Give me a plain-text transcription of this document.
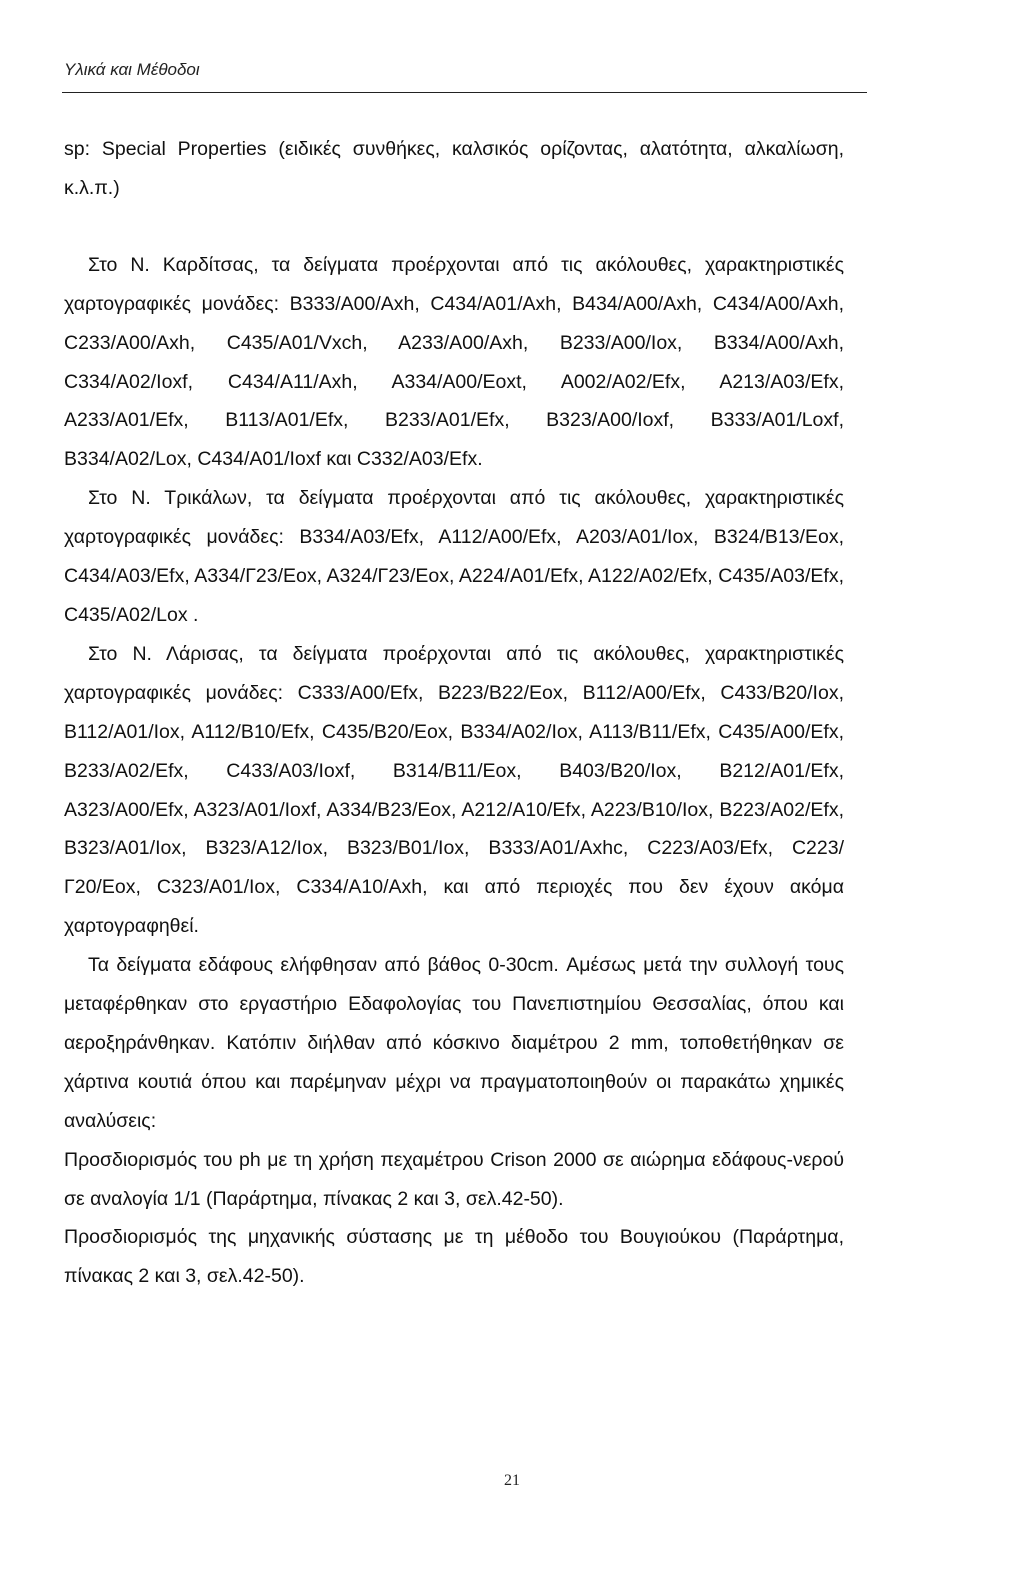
Υλικά και Μέθοδοι

sp: Special Properties (ειδικές συνθήκες, καλσικός ορίζοντας, αλατότητα, αλκαλίωση, κ.λ.π.)

Στο Ν. Καρδίτσας, τα δείγματα προέρχονται από τις ακόλουθες, χαρακτηριστικές χαρτογραφικές μονάδες: Β333/Α00/Axh, C434/A01/Axh, B434/A00/Axh, C434/A00/Axh, C233/A00/Axh, C435/A01/Vxch, A233/A00/Axh, B233/A00/Iox, B334/A00/Axh, C334/A02/Ioxf, C434/A11/Axh, A334/A00/Eoxt, A002/A02/Efx, A213/A03/Efx, A233/A01/Efx, B113/A01/Efx, B233/A01/Efx, B323/A00/Ioxf, B333/A01/Loxf, B334/A02/Lox, C434/A01/Ioxf και C332/A03/Efx.

Στο Ν. Τρικάλων, τα δείγματα προέρχονται από τις ακόλουθες, χαρακτηριστικές χαρτογραφικές μονάδες: B334/A03/Efx, A112/A00/Efx, A203/A01/Iox, B324/B13/Eox, C434/A03/Efx, A334/Γ23/Eox, A324/Γ23/Eox, A224/A01/Efx, A122/A02/Efx, C435/A03/Efx, C435/A02/Lox .

Στο Ν. Λάρισας, τα δείγματα προέρχονται από τις ακόλουθες, χαρακτηριστικές χαρτογραφικές μονάδες: C333/A00/Efx, B223/B22/Eox, B112/A00/Efx, C433/B20/Iox, B112/A01/Iox, A112/B10/Efx, C435/B20/Eox, B334/A02/Iox, A113/B11/Efx, C435/A00/Efx, B233/A02/Efx, C433/A03/Ioxf, B314/B11/Eox, B403/B20/Iox, B212/A01/Efx, A323/A00/Efx, A323/A01/Ioxf, A334/B23/Eox, A212/A10/Efx, A223/B10/Iox, B223/A02/Efx, B323/A01/Iox, B323/A12/Iox, B323/B01/Iox, B333/A01/Axhc, C223/A03/Efx, C223/Γ20/Eox, C323/A01/Iox, C334/A10/Axh, και από περιοχές που δεν έχουν ακόμα χαρτογραφηθεί.

Τα δείγματα εδάφους ελήφθησαν από βάθος 0-30cm. Αμέσως μετά την συλλογή τους μεταφέρθηκαν στο εργαστήριο Εδαφολογίας του Πανεπιστημίου Θεσσαλίας, όπου και αεροξηράνθηκαν. Κατόπιν διήλθαν από κόσκινο διαμέτρου 2 mm, τοποθετήθηκαν σε χάρτινα κουτιά όπου και παρέμηναν μέχρι να πραγματοποιηθούν οι παρακάτω χημικές αναλύσεις:

Προσδιορισμός του ph με τη χρήση πεχαμέτρου Crison 2000 σε αιώρημα εδάφους-νερού σε αναλογία 1/1 (Παράρτημα, πίνακας 2 και 3, σελ.42-50).

Προσδιορισμός της μηχανικής σύστασης με τη μέθοδο του Βουγιούκου (Παράρτημα, πίνακας 2 και 3, σελ.42-50).

21
